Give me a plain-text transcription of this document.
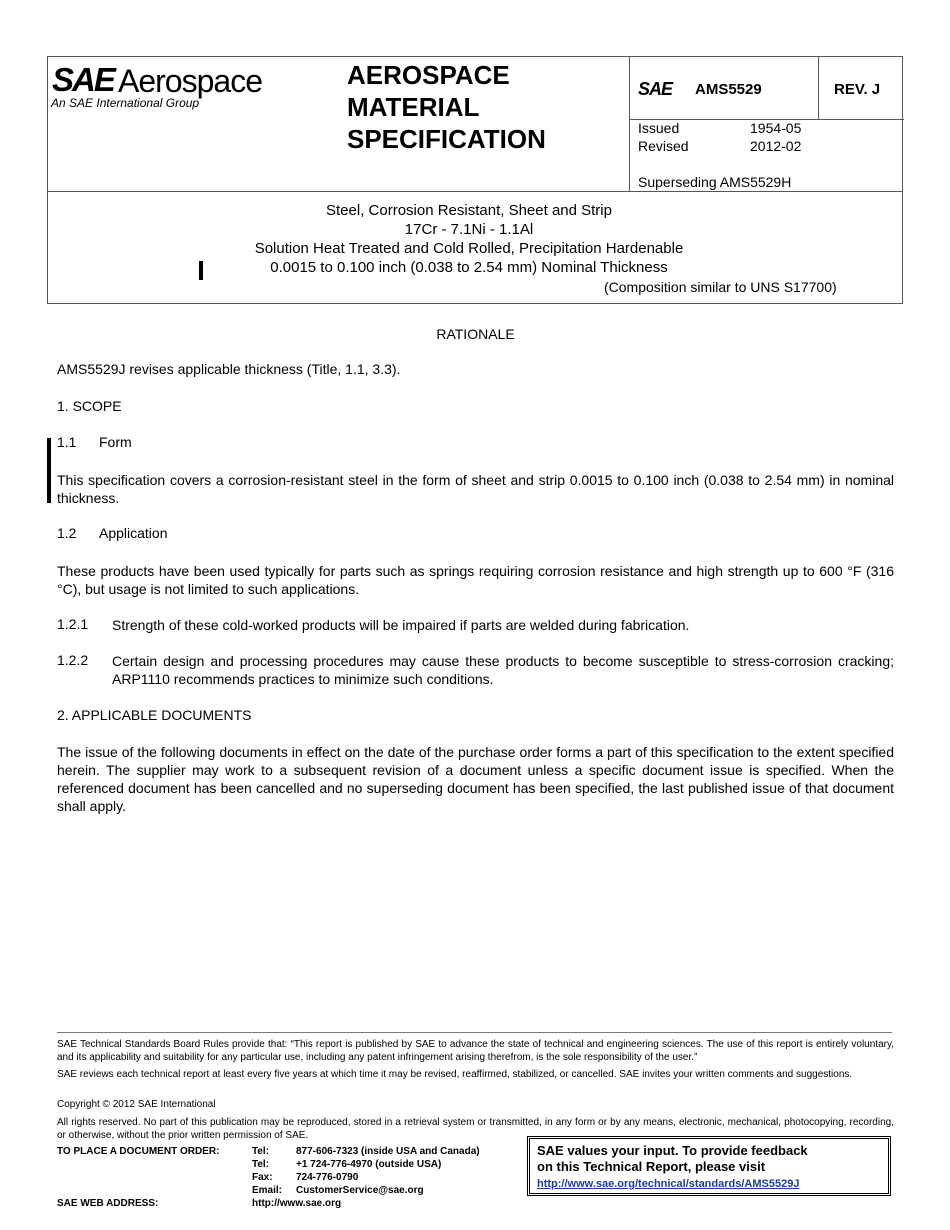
SAE Aerospace
An SAE International Group
AEROSPACE
MATERIAL
SPECIFICATION
SAE AMS5529	REV. J
Issued	1954-05
Revised	2012-02
Superseding AMS5529H
Steel, Corrosion Resistant, Sheet and Strip
17Cr - 7.1Ni - 1.1Al
Solution Heat Treated and Cold Rolled, Precipitation Hardenable
0.0015 to 0.100 inch (0.038 to 2.54 mm) Nominal Thickness
(Composition similar to UNS S17700)
RATIONALE
AMS5529J revises applicable thickness (Title, 1.1, 3.3).
1. SCOPE
1.1 Form
This specification covers a corrosion-resistant steel in the form of sheet and strip 0.0015 to 0.100 inch (0.038 to 2.54 mm) in nominal thickness.
1.2 Application
These products have been used typically for parts such as springs requiring corrosion resistance and high strength up to 600 °F (316 °C), but usage is not limited to such applications.
1.2.1 Strength of these cold-worked products will be impaired if parts are welded during fabrication.
1.2.2 Certain design and processing procedures may cause these products to become susceptible to stress-corrosion cracking; ARP1110 recommends practices to minimize such conditions.
2. APPLICABLE DOCUMENTS
The issue of the following documents in effect on the date of the purchase order forms a part of this specification to the extent specified herein. The supplier may work to a subsequent revision of a document unless a specific document issue is specified. When the referenced document has been cancelled and no superseding document has been specified, the last published issue of that document shall apply.
SAE Technical Standards Board Rules provide that: “This report is published by SAE to advance the state of technical and engineering sciences. The use of this report is entirely voluntary, and its applicability and suitability for any particular use, including any patent infringement arising therefrom, is the sole responsibility of the user.”
SAE reviews each technical report at least every five years at which time it may be revised, reaffirmed, stabilized, or cancelled. SAE invites your written comments and suggestions.
Copyright © 2012 SAE International
All rights reserved. No part of this publication may be reproduced, stored in a retrieval system or transmitted, in any form or by any means, electronic, mechanical, photocopying, recording, or otherwise, without the prior written permission of SAE.
TO PLACE A DOCUMENT ORDER:	Tel:	877-606-7323 (inside USA and Canada)
Tel:	+1 724-776-4970 (outside USA)
Fax: 724-776-0790
Email: CustomerService@sae.org
SAE WEB ADDRESS:	http://www.sae.org
SAE values your input. To provide feedback
on this Technical Report, please visit
http://www.sae.org/technical/standards/AMS5529J
